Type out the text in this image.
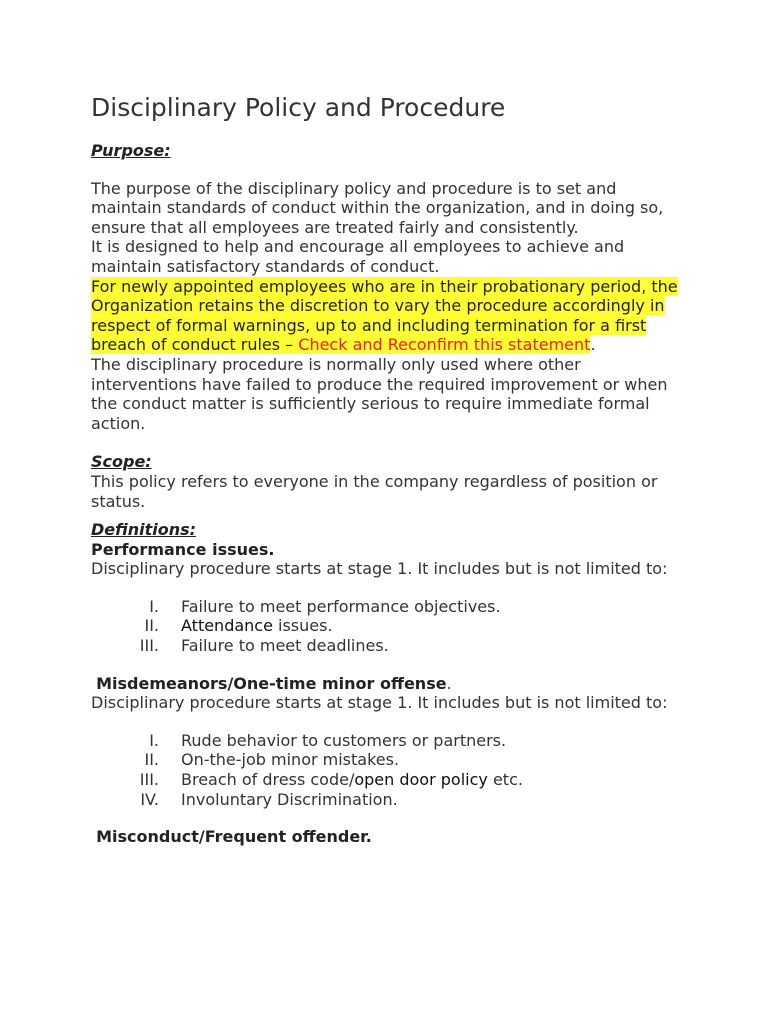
Disciplinary Policy and Procedure
Purpose:

The purpose of the disciplinary policy and procedure is to set and maintain standards of conduct within the organization, and in doing so, ensure that all employees are treated fairly and consistently.

It is designed to help and encourage all employees to achieve and maintain satisfactory standards of conduct.

For newly appointed employees who are in their probationary period, the Organization retains the discretion to vary the procedure accordingly in respect of formal warnings, up to and including termination for a first breach of conduct rules – Check and Reconfirm this statement.

The disciplinary procedure is normally only used where other interventions have failed to produce the required improvement or when the conduct matter is sufficiently serious to require immediate formal action.

Scope:

This policy refers to everyone in the company regardless of position or status.

Definitions:
Performance issues.

Disciplinary procedure starts at stage 1. It includes but is not limited to:

I.	Failure to meet performance objectives.
II.	Attendance issues.
III.	Failure to meet deadlines.
Misdemeanors/One-time minor offense.

Disciplinary procedure starts at stage 1. It includes but is not limited to:

I.	Rude behavior to customers or partners.
II.	On-the-job minor mistakes.
III.	Breach of dress code/open door policy etc.
IV.	Involuntary Discrimination.
Misconduct/Frequent offender.
